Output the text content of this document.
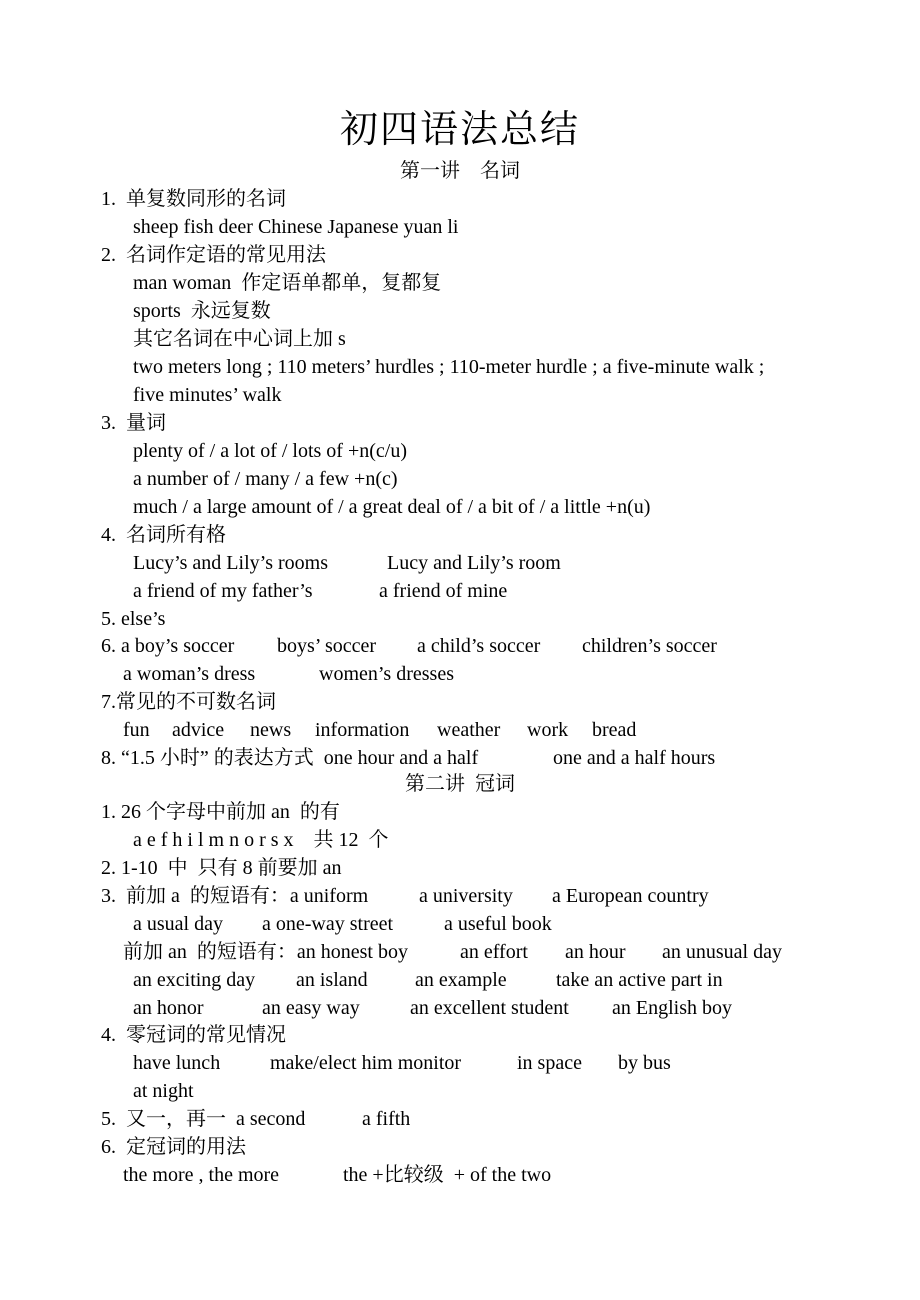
初四语法总结
第一讲    名词
1.  单复数同形的名词
sheep fish deer Chinese Japanese yuan li
2.  名词作定语的常见用法
man woman  作定语单都单，复都复
sports  永远复数
其它名词在中心词上加 s
two meters long ; 110 meters’ hurdles ; 110-meter hurdle ; a five-minute walk ;
five minutes’ walk
3.  量词
plenty of / a lot of / lots of +n(c/u)
a number of / many / a few +n(c)
much / a large amount of / a great deal of / a bit of / a little +n(u)
4.  名词所有格
Lucy’s and Lily’s rooms	Lucy and Lily’s room
a friend of my father’s	a friend of mine
5. else’s
6. a boy’s soccer boys’ soccer a child’s soccer children’s soccer
a woman’s dress	women’s dresses
7.常见的不可数名词
fun advice news information weather work bread
8. “1.5 小时” 的表达方式  one hour and a half	one and a half hours
第二讲  冠词
1. 26 个字母中前加 an  的有
a e f h i l m n o r s x    共 12  个
2. 1-10  中  只有 8 前要加 an
3.  前加 a  的短语有：a uniform	a university a European country
a usual day a one-way street	a useful book
前加 an  的短语有：an honest boy	an effort an hour an unusual day
an exciting day an island an example take an active part in
an honor	an easy way	an excellent student an English boy
4.  零冠词的常见情况
have lunch make/elect him monitor	in space by bus
at night
5.  又一，再一  a second	a fifth
6.  定冠词的用法
the more , the more	the +比较级  + of the two
